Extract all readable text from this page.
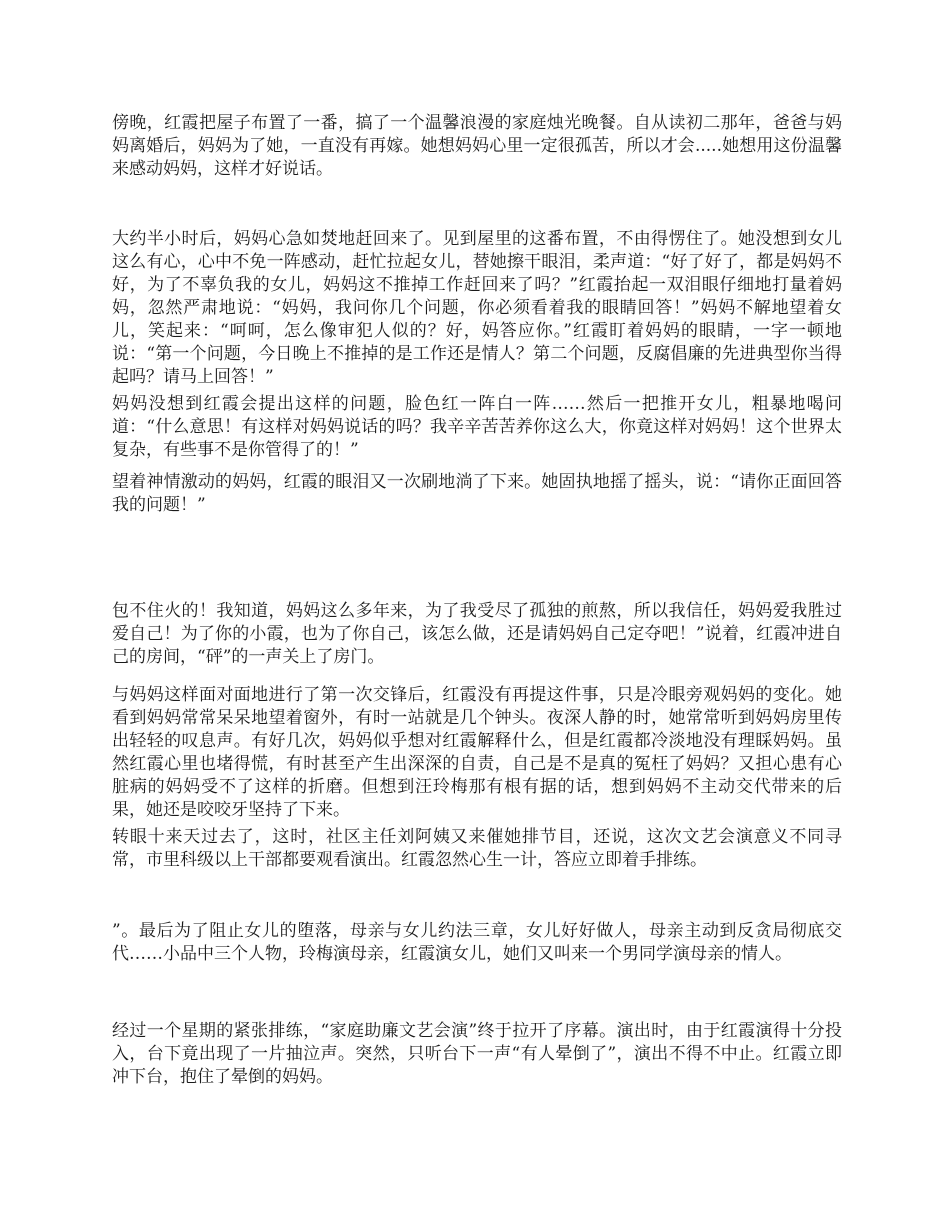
傍晚，红霞把屋子布置了一番，搞了一个温馨浪漫的家庭烛光晚餐。自从读初二那年，爸爸与妈妈离婚后，妈妈为了她，一直没有再嫁。她想妈妈心里一定很孤苦，所以才会.....她想用这份温馨来感动妈妈，这样才好说话。

大约半小时后，妈妈心急如焚地赶回来了。见到屋里的这番布置，不由得愣住了。她没想到女儿这么有心，心中不免一阵感动，赶忙拉起女儿，替她擦干眼泪，柔声道：“好了好了，都是妈妈不好，为了不辜负我的女儿，妈妈这不推掉工作赶回来了吗？”红霞抬起一双泪眼仔细地打量着妈妈，忽然严肃地说：“妈妈，我问你几个问题，你必须看着我的眼睛回答！”妈妈不解地望着女儿，笑起来：“呵呵，怎么像审犯人似的？好，妈答应你。”红霞盯着妈妈的眼睛，一字一顿地说：“第一个问题，今日晚上不推掉的是工作还是情人？第二个问题，反腐倡廉的先进典型你当得起吗？请马上回答！”

妈妈没想到红霞会提出这样的问题，脸色红一阵白一阵……然后一把推开女儿，粗暴地喝问道：“什么意思！有这样对妈妈说话的吗？我辛辛苦苦养你这么大，你竟这样对妈妈！这个世界太复杂，有些事不是你管得了的！”

望着神情激动的妈妈，红霞的眼泪又一次刷地淌了下来。她固执地摇了摇头，说：“请你正面回答我的问题！”

包不住火的！我知道，妈妈这么多年来，为了我受尽了孤独的煎熬，所以我信任，妈妈爱我胜过爱自己！为了你的小霞，也为了你自己，该怎么做，还是请妈妈自己定夺吧！”说着，红霞冲进自己的房间，“砰”的一声关上了房门。

与妈妈这样面对面地进行了第一次交锋后，红霞没有再提这件事，只是冷眼旁观妈妈的变化。她看到妈妈常常呆呆地望着窗外，有时一站就是几个钟头。夜深人静的时，她常常听到妈妈房里传出轻轻的叹息声。有好几次，妈妈似乎想对红霞解释什么，但是红霞都冷淡地没有理睬妈妈。虽然红霞心里也堵得慌，有时甚至产生出深深的自责，自己是不是真的冤枉了妈妈？又担心患有心脏病的妈妈受不了这样的折磨。但想到汪玲梅那有根有据的话，想到妈妈不主动交代带来的后果，她还是咬咬牙坚持了下来。

转眼十来天过去了，这时，社区主任刘阿姨又来催她排节目，还说，这次文艺会演意义不同寻常，市里科级以上干部都要观看演出。红霞忽然心生一计，答应立即着手排练。

”。最后为了阻止女儿的堕落，母亲与女儿约法三章，女儿好好做人，母亲主动到反贪局彻底交代……小品中三个人物，玲梅演母亲，红霞演女儿，她们又叫来一个男同学演母亲的情人。

经过一个星期的紧张排练，“家庭助廉文艺会演”终于拉开了序幕。演出时，由于红霞演得十分投入，台下竟出现了一片抽泣声。突然，只听台下一声“有人晕倒了”，演出不得不中止。红霞立即冲下台，抱住了晕倒的妈妈。
